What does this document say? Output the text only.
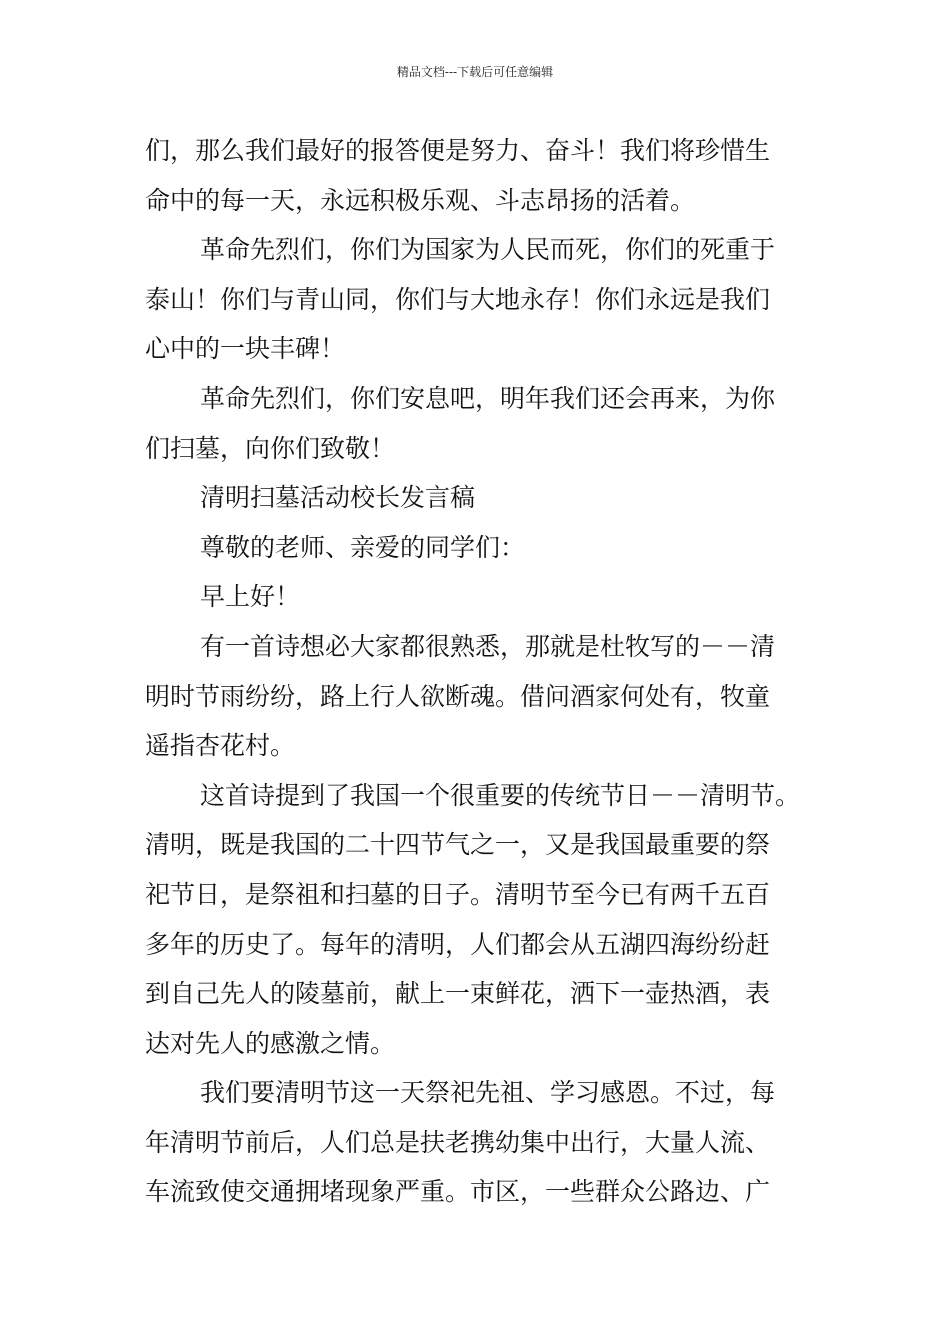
精品文档---下载后可任意编辑
们，那么我们最好的报答便是努力、奋斗！我们将珍惜生
命中的每一天，永远积极乐观、斗志昂扬的活着。
革命先烈们，你们为国家为人民而死，你们的死重于
泰山！你们与青山同，你们与大地永存！你们永远是我们
心中的一块丰碑！
革命先烈们，你们安息吧，明年我们还会再来，为你
们扫墓，向你们致敬！
清明扫墓活动校长发言稿
尊敬的老师、亲爱的同学们：
早上好！
有一首诗想必大家都很熟悉，那就是杜牧写的－－清
明时节雨纷纷，路上行人欲断魂。借问酒家何处有，牧童
遥指杏花村。
这首诗提到了我国一个很重要的传统节日－－清明节。
清明，既是我国的二十四节气之一，又是我国最重要的祭
祀节日，是祭祖和扫墓的日子。清明节至今已有两千五百
多年的历史了。每年的清明，人们都会从五湖四海纷纷赶
到自己先人的陵墓前，献上一束鲜花，洒下一壶热酒，表
达对先人的感激之情。
我们要清明节这一天祭祀先祖、学习感恩。不过，每
年清明节前后，人们总是扶老携幼集中出行，大量人流、
车流致使交通拥堵现象严重。市区，一些群众公路边、广
